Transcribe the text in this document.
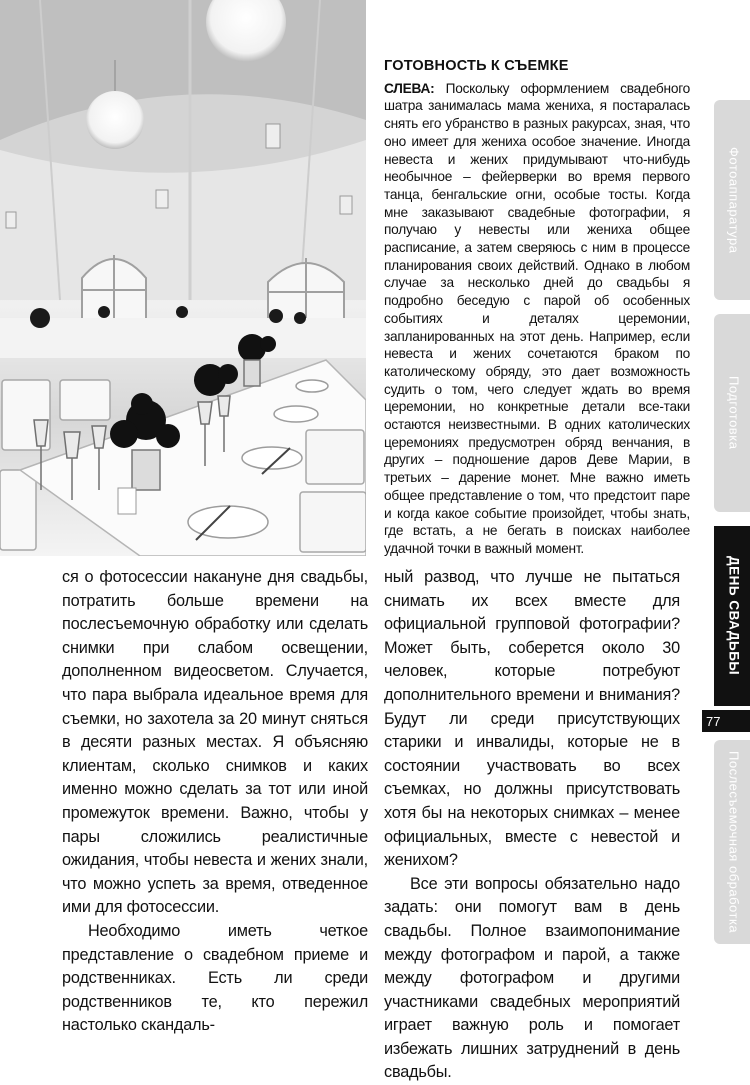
ГОТОВНОСТЬ К СЪЕМКЕ

СЛЕВА: Поскольку оформлением свадебного шатра занималась мама жениха, я постаралась снять его убранство в разных ракурсах, зная, что оно имеет для жениха особое значение. Иногда невеста и жених придумывают что-нибудь необычное – фейерверки во время первого танца, бенгальские огни, особые тосты. Когда мне заказывают свадебные фотографии, я получаю у невесты или жениха общее расписание, а затем сверяюсь с ним в процессе планирования своих действий. Однако в любом случае за несколько дней до свадьбы я подробно беседую с парой об особенных событиях и деталях церемонии, запланированных на этот день. Например, если невеста и жених сочетаются браком по католическому обряду, это дает возможность судить о том, чего следует ждать во время церемонии, но конкретные детали все-таки остаются неизвестными. В одних католических церемониях предусмотрен обряд венчания, в других – подношение даров Деве Марии, в третьих – дарение монет. Мне важно иметь общее представление о том, что предстоит паре и когда какое событие произойдет, чтобы знать, где встать, а не бегать в поисках наиболее удачной точки в важный момент.

ся о фотосессии накануне дня свадьбы, потратить больше времени на послесъемочную обработку или сделать снимки при слабом освещении, дополненном видеосветом. Случается, что пара выбрала идеальное время для съемки, но захотела за 20 минут сняться в десяти разных местах. Я объясняю клиентам, сколько снимков и каких именно можно сделать за тот или иной промежуток времени. Важно, чтобы у пары сложились реалистичные ожидания, чтобы невеста и жених знали, что можно успеть за время, отведенное ими для фотосессии.

Необходимо иметь четкое представление о свадебном приеме и родственниках. Есть ли среди родственников те, кто пережил настолько скандаль-

ный развод, что лучше не пытаться снимать их всех вместе для официальной групповой фотографии? Может быть, соберется около 30 человек, которые потребуют дополнительного времени и внимания? Будут ли среди присутствующих старики и инвалиды, которые не в состоянии участвовать во всех съемках, но должны присутствовать хотя бы на некоторых снимках – менее официальных, вместе с невестой и женихом?

Все эти вопросы обязательно надо задать: они помогут вам в день свадьбы. Полное взаимопонимание между фотографом и парой, а также между фотографом и другими участниками свадебных мероприятий играет важную роль и помогает избежать лишних затруднений в день свадьбы.

Фотоаппаратура
Подготовка
ДЕНЬ СВАДЬБЫ
77
Послесъемочная обработка
